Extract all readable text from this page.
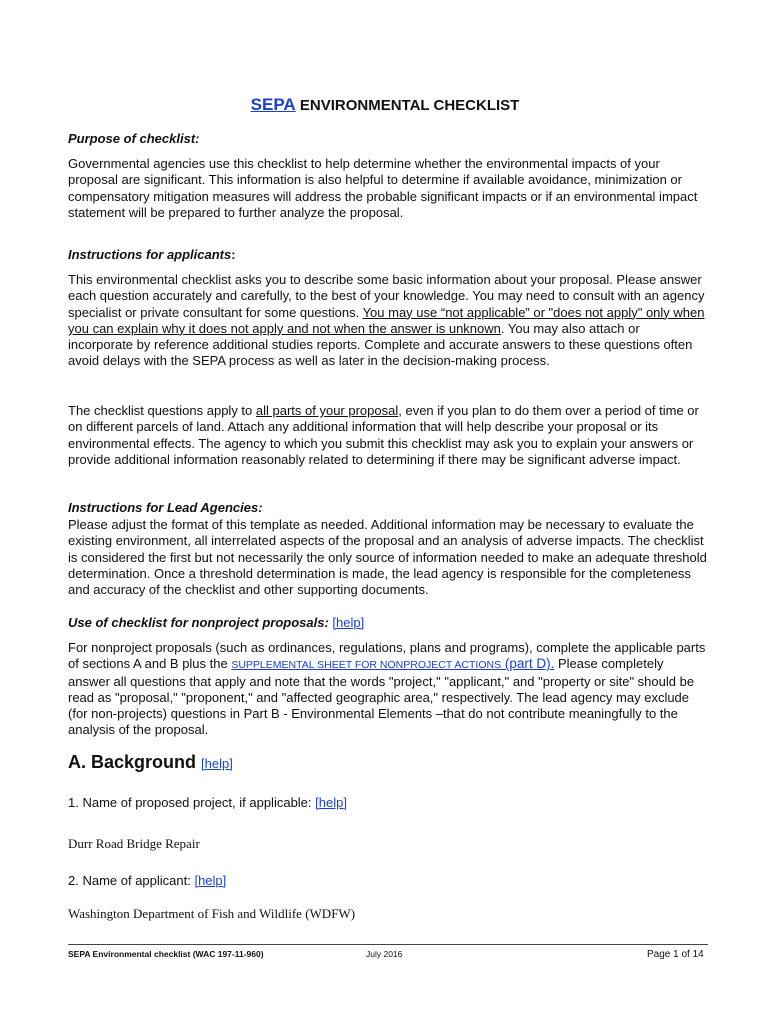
SEPA ENVIRONMENTAL CHECKLIST
Purpose of checklist:
Governmental agencies use this checklist to help determine whether the environmental impacts of your proposal are significant. This information is also helpful to determine if available avoidance, minimization or compensatory mitigation measures will address the probable significant impacts or if an environmental impact statement will be prepared to further analyze the proposal.
Instructions for applicants:
This environmental checklist asks you to describe some basic information about your proposal. Please answer each question accurately and carefully, to the best of your knowledge. You may need to consult with an agency specialist or private consultant for some questions. You may use “not applicable” or "does not apply" only when you can explain why it does not apply and not when the answer is unknown. You may also attach or incorporate by reference additional studies reports. Complete and accurate answers to these questions often avoid delays with the SEPA process as well as later in the decision-making process.
The checklist questions apply to all parts of your proposal, even if you plan to do them over a period of time or on different parcels of land. Attach any additional information that will help describe your proposal or its environmental effects. The agency to which you submit this checklist may ask you to explain your answers or provide additional information reasonably related to determining if there may be significant adverse impact.
Instructions for Lead Agencies:
Please adjust the format of this template as needed. Additional information may be necessary to evaluate the existing environment, all interrelated aspects of the proposal and an analysis of adverse impacts. The checklist is considered the first but not necessarily the only source of information needed to make an adequate threshold determination. Once a threshold determination is made, the lead agency is responsible for the completeness and accuracy of the checklist and other supporting documents.
Use of checklist for nonproject proposals: [help]
For nonproject proposals (such as ordinances, regulations, plans and programs), complete the applicable parts of sections A and B plus the SUPPLEMENTAL SHEET FOR NONPROJECT ACTIONS (part D). Please completely answer all questions that apply and note that the words "project," "applicant," and "property or site" should be read as "proposal," "proponent," and "affected geographic area," respectively. The lead agency may exclude (for non-projects) questions in Part B - Environmental Elements –that do not contribute meaningfully to the analysis of the proposal.
A. Background [help]
1. Name of proposed project, if applicable: [help]
Durr Road Bridge Repair
2. Name of applicant: [help]
Washington Department of Fish and Wildlife (WDFW)
SEPA Environmental checklist (WAC 197-11-960)	July 2016	Page 1 of 14
